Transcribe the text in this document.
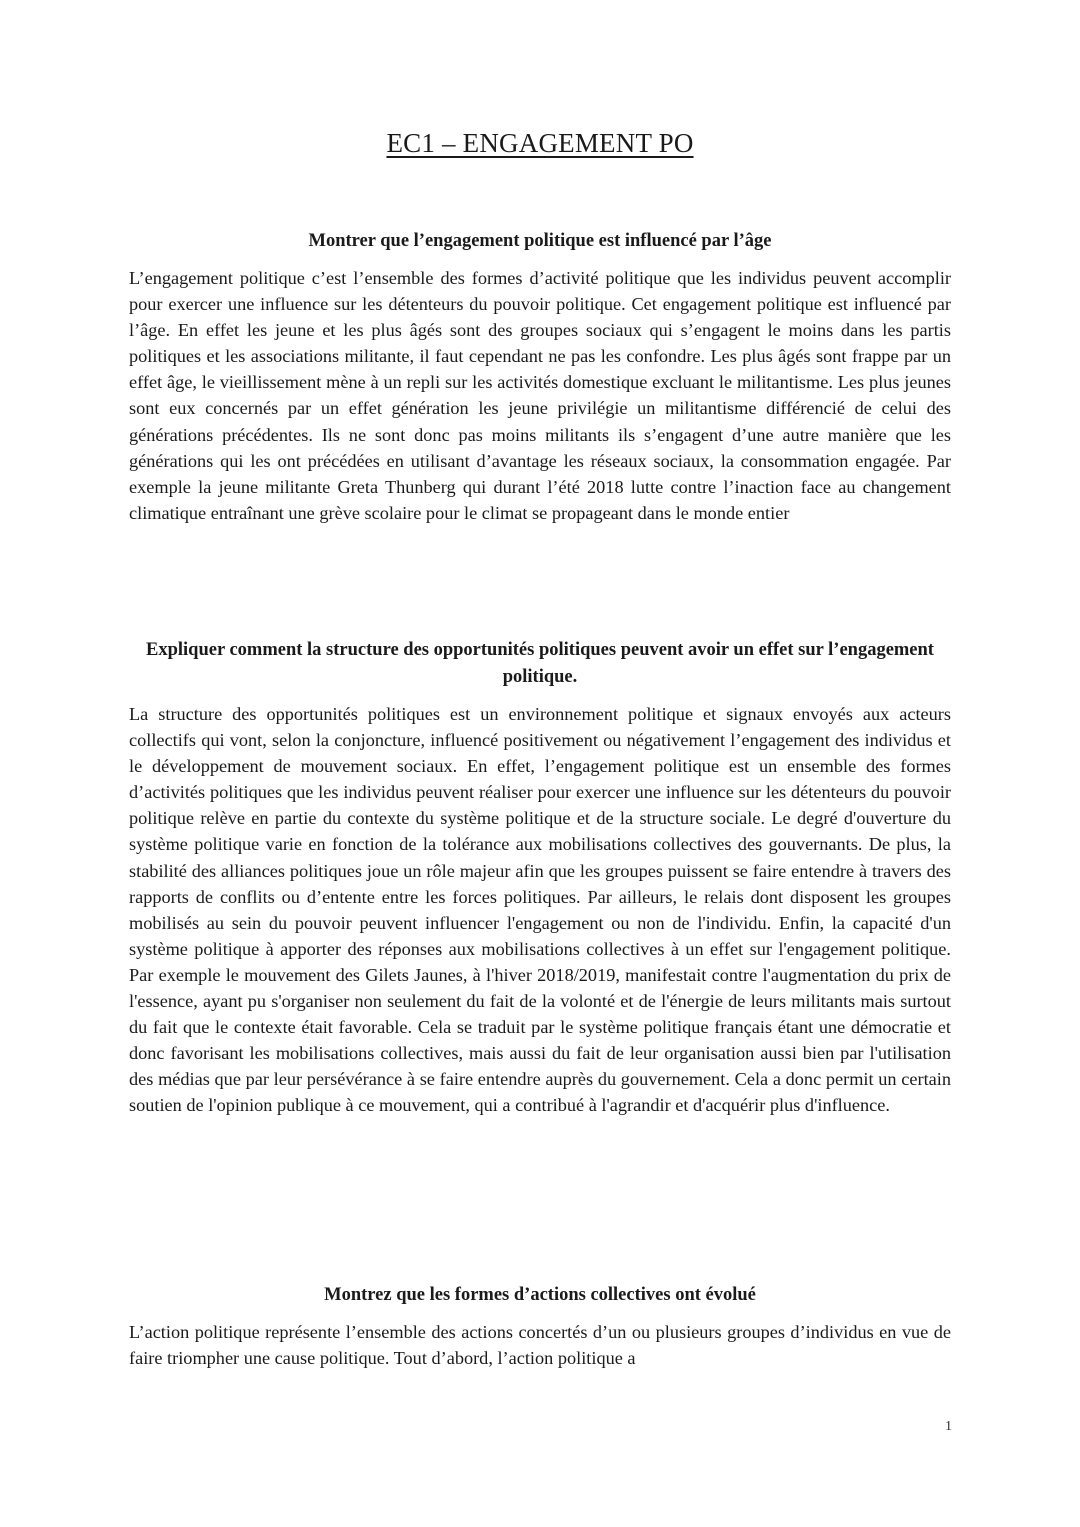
EC1 – ENGAGEMENT PO
Montrer que l’engagement politique est influencé par l’âge

L’engagement politique c’est l’ensemble des formes d’activité politique que les individus peuvent accomplir pour exercer une influence sur les détenteurs du pouvoir politique. Cet engagement politique est influencé par l’âge. En effet les jeune et les plus âgés sont des groupes sociaux qui s’engagent le moins dans les partis politiques et les associations militante, il faut cependant ne pas les confondre. Les plus âgés sont frappe par un effet âge, le vieillissement mène à un repli sur les activités domestique excluant le militantisme. Les plus jeunes sont eux concernés par un effet génération les jeune privilégie un militantisme différencié de celui des générations précédentes. Ils ne sont donc pas moins militants ils s’engagent d’une autre manière que les générations qui les ont précédées en utilisant d’avantage les réseaux sociaux, la consommation engagée. Par exemple la jeune militante Greta Thunberg qui durant l’été 2018 lutte contre l’inaction face au changement climatique entraînant une grève scolaire pour le climat se propageant dans le monde entier

Expliquer comment la structure des opportunités politiques peuvent avoir un effet sur l’engagement politique.

La structure des opportunités politiques est un environnement politique et signaux envoyés aux acteurs collectifs qui vont, selon la conjoncture, influencé positivement ou négativement l’engagement des individus et le développement de mouvement sociaux. En effet, l’engagement politique est un ensemble des formes d’activités politiques que les individus peuvent réaliser pour exercer une influence sur les détenteurs du pouvoir politique relève en partie du contexte du système politique et de la structure sociale. Le degré d'ouverture du système politique varie en fonction de la tolérance aux mobilisations collectives des gouvernants. De plus, la stabilité des alliances politiques joue un rôle majeur afin que les groupes puissent se faire entendre à travers des rapports de conflits ou d’entente entre les forces politiques. Par ailleurs, le relais dont disposent les groupes mobilisés au sein du pouvoir peuvent influencer l'engagement ou non de l'individu. Enfin, la capacité d'un système politique à apporter des réponses aux mobilisations collectives à un effet sur l'engagement politique. Par exemple le mouvement des Gilets Jaunes, à l'hiver 2018/2019, manifestait contre l'augmentation du prix de l'essence, ayant pu s'organiser non seulement du fait de la volonté et de l'énergie de leurs militants mais surtout du fait que le contexte était favorable. Cela se traduit par le système politique français étant une démocratie et donc favorisant les mobilisations collectives, mais aussi du fait de leur organisation aussi bien par l'utilisation des médias que par leur persévérance à se faire entendre auprès du gouvernement. Cela a donc permit un certain soutien de l'opinion publique à ce mouvement, qui a contribué à l'agrandir et d'acquérir plus d'influence.

Montrez que les formes d’actions collectives ont évolué

L’action politique représente l’ensemble des actions concertés d’un ou plusieurs groupes d’individus en vue de faire triompher une cause politique. Tout d’abord, l’action politique a

1
